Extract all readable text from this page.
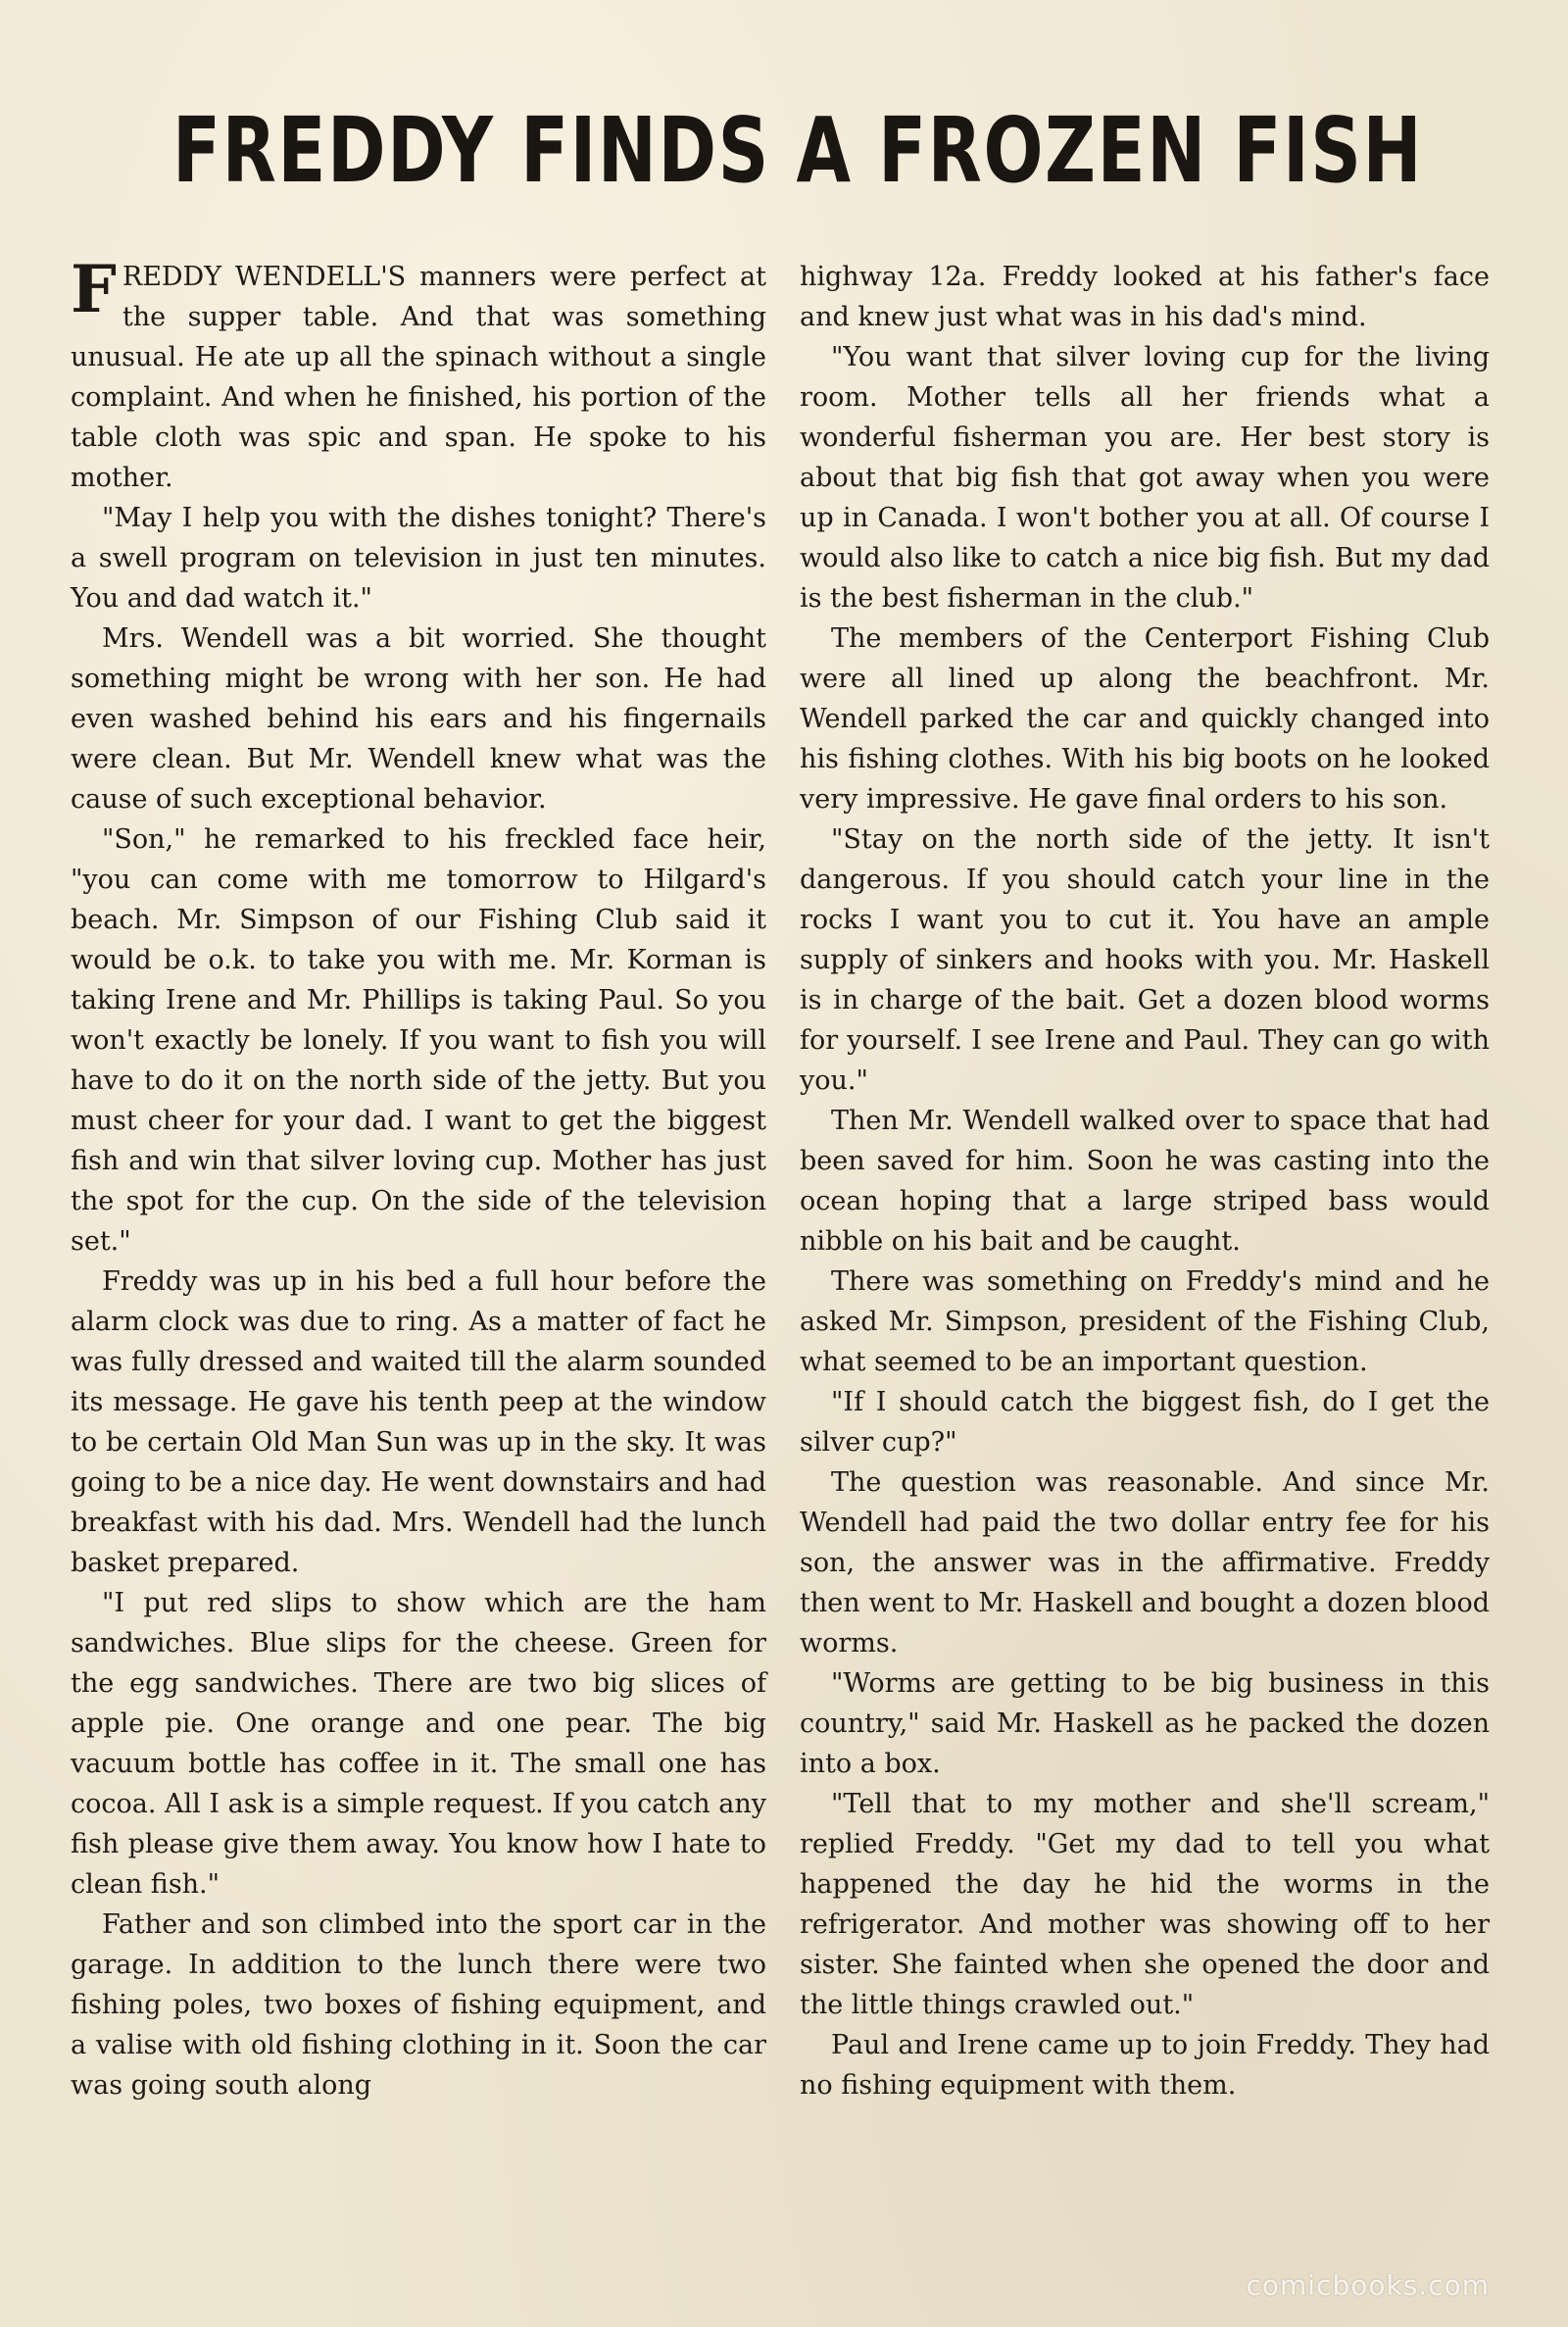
FREDDY FINDS A FROZEN FISH

FREDDY WENDELL'S manners were perfect at the supper table. And that was something unusual. He ate up all the spinach without a single complaint. And when he finished, his portion of the table cloth was spic and span. He spoke to his mother.

"May I help you with the dishes tonight? There's a swell program on television in just ten minutes. You and dad watch it."

Mrs. Wendell was a bit worried. She thought something might be wrong with her son. He had even washed behind his ears and his fingernails were clean. But Mr. Wendell knew what was the cause of such exceptional behavior.

"Son," he remarked to his freckled face heir, "you can come with me tomorrow to Hilgard's beach. Mr. Simpson of our Fishing Club said it would be o.k. to take you with me. Mr. Korman is taking Irene and Mr. Phillips is taking Paul. So you won't exactly be lonely. If you want to fish you will have to do it on the north side of the jetty. But you must cheer for your dad. I want to get the biggest fish and win that silver loving cup. Mother has just the spot for the cup. On the side of the television set."

Freddy was up in his bed a full hour before the alarm clock was due to ring. As a matter of fact he was fully dressed and waited till the alarm sounded its message. He gave his tenth peep at the window to be certain Old Man Sun was up in the sky. It was going to be a nice day. He went downstairs and had breakfast with his dad. Mrs. Wendell had the lunch basket prepared.

"I put red slips to show which are the ham sandwiches. Blue slips for the cheese. Green for the egg sandwiches. There are two big slices of apple pie. One orange and one pear. The big vacuum bottle has coffee in it. The small one has cocoa. All I ask is a simple request. If you catch any fish please give them away. You know how I hate to clean fish."

Father and son climbed into the sport car in the garage. In addition to the lunch there were two fishing poles, two boxes of fishing equipment, and a valise with old fishing clothing in it. Soon the car was going south along

highway 12a. Freddy looked at his father's face and knew just what was in his dad's mind.

"You want that silver loving cup for the living room. Mother tells all her friends what a wonderful fisherman you are. Her best story is about that big fish that got away when you were up in Canada. I won't bother you at all. Of course I would also like to catch a nice big fish. But my dad is the best fisherman in the club."

The members of the Centerport Fishing Club were all lined up along the beachfront. Mr. Wendell parked the car and quickly changed into his fishing clothes. With his big boots on he looked very impressive. He gave final orders to his son.

"Stay on the north side of the jetty. It isn't dangerous. If you should catch your line in the rocks I want you to cut it. You have an ample supply of sinkers and hooks with you. Mr. Haskell is in charge of the bait. Get a dozen blood worms for yourself. I see Irene and Paul. They can go with you."

Then Mr. Wendell walked over to space that had been saved for him. Soon he was casting into the ocean hoping that a large striped bass would nibble on his bait and be caught.

There was something on Freddy's mind and he asked Mr. Simpson, president of the Fishing Club, what seemed to be an important question.

"If I should catch the biggest fish, do I get the silver cup?"

The question was reasonable. And since Mr. Wendell had paid the two dollar entry fee for his son, the answer was in the affirmative. Freddy then went to Mr. Haskell and bought a dozen blood worms.

"Worms are getting to be big business in this country," said Mr. Haskell as he packed the dozen into a box.

"Tell that to my mother and she'll scream," replied Freddy. "Get my dad to tell you what happened the day he hid the worms in the refrigerator. And mother was showing off to her sister. She fainted when she opened the door and the little things crawled out."

Paul and Irene came up to join Freddy. They had no fishing equipment with them.

comicbooks.com
